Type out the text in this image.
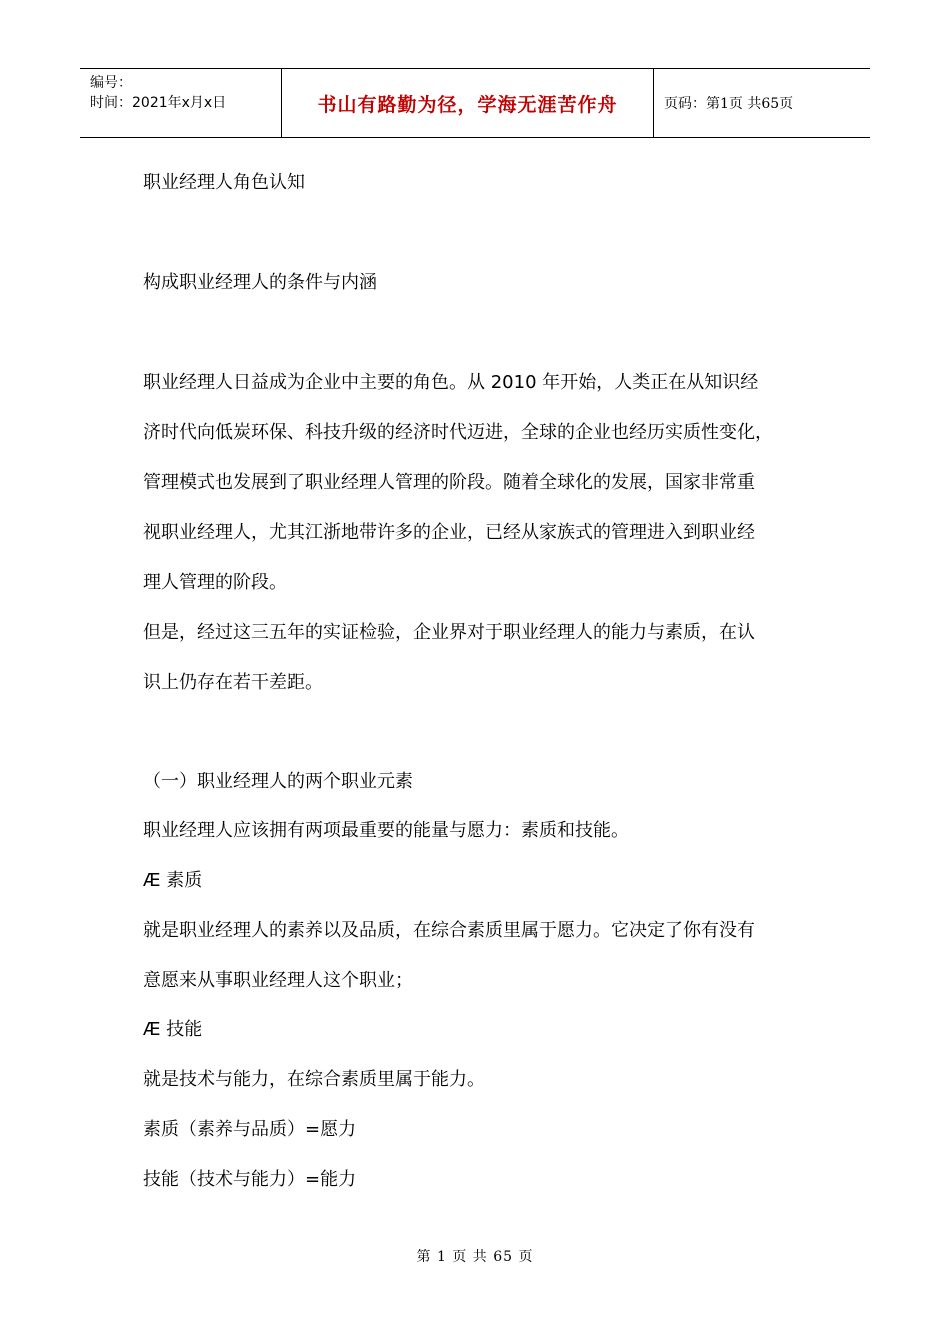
编号：
时间：2021年x月x日	书山有路勤为径，学海无涯苦作舟	页码：第1页 共65页
职业经理人角色认知
构成职业经理人的条件与内涵
职业经理人日益成为企业中主要的角色。从 2010 年开始，人类正在从知识经
济时代向低炭环保、科技升级的经济时代迈进，全球的企业也经历实质性变化，
管理模式也发展到了职业经理人管理的阶段。随着全球化的发展，国家非常重
视职业经理人，尤其江浙地带许多的企业，已经从家族式的管理进入到职业经
理人管理的阶段。
但是，经过这三五年的实证检验，企业界对于职业经理人的能力与素质，在认
识上仍存在若干差距。
（一）职业经理人的两个职业元素
职业经理人应该拥有两项最重要的能量与愿力：素质和技能。
Æ 素质
就是职业经理人的素养以及品质，在综合素质里属于愿力。它决定了你有没有
意愿来从事职业经理人这个职业；
Æ 技能
就是技术与能力，在综合素质里属于能力。
素质（素养与品质）=愿力
技能（技术与能力）=能力
第 1 页 共 65 页
